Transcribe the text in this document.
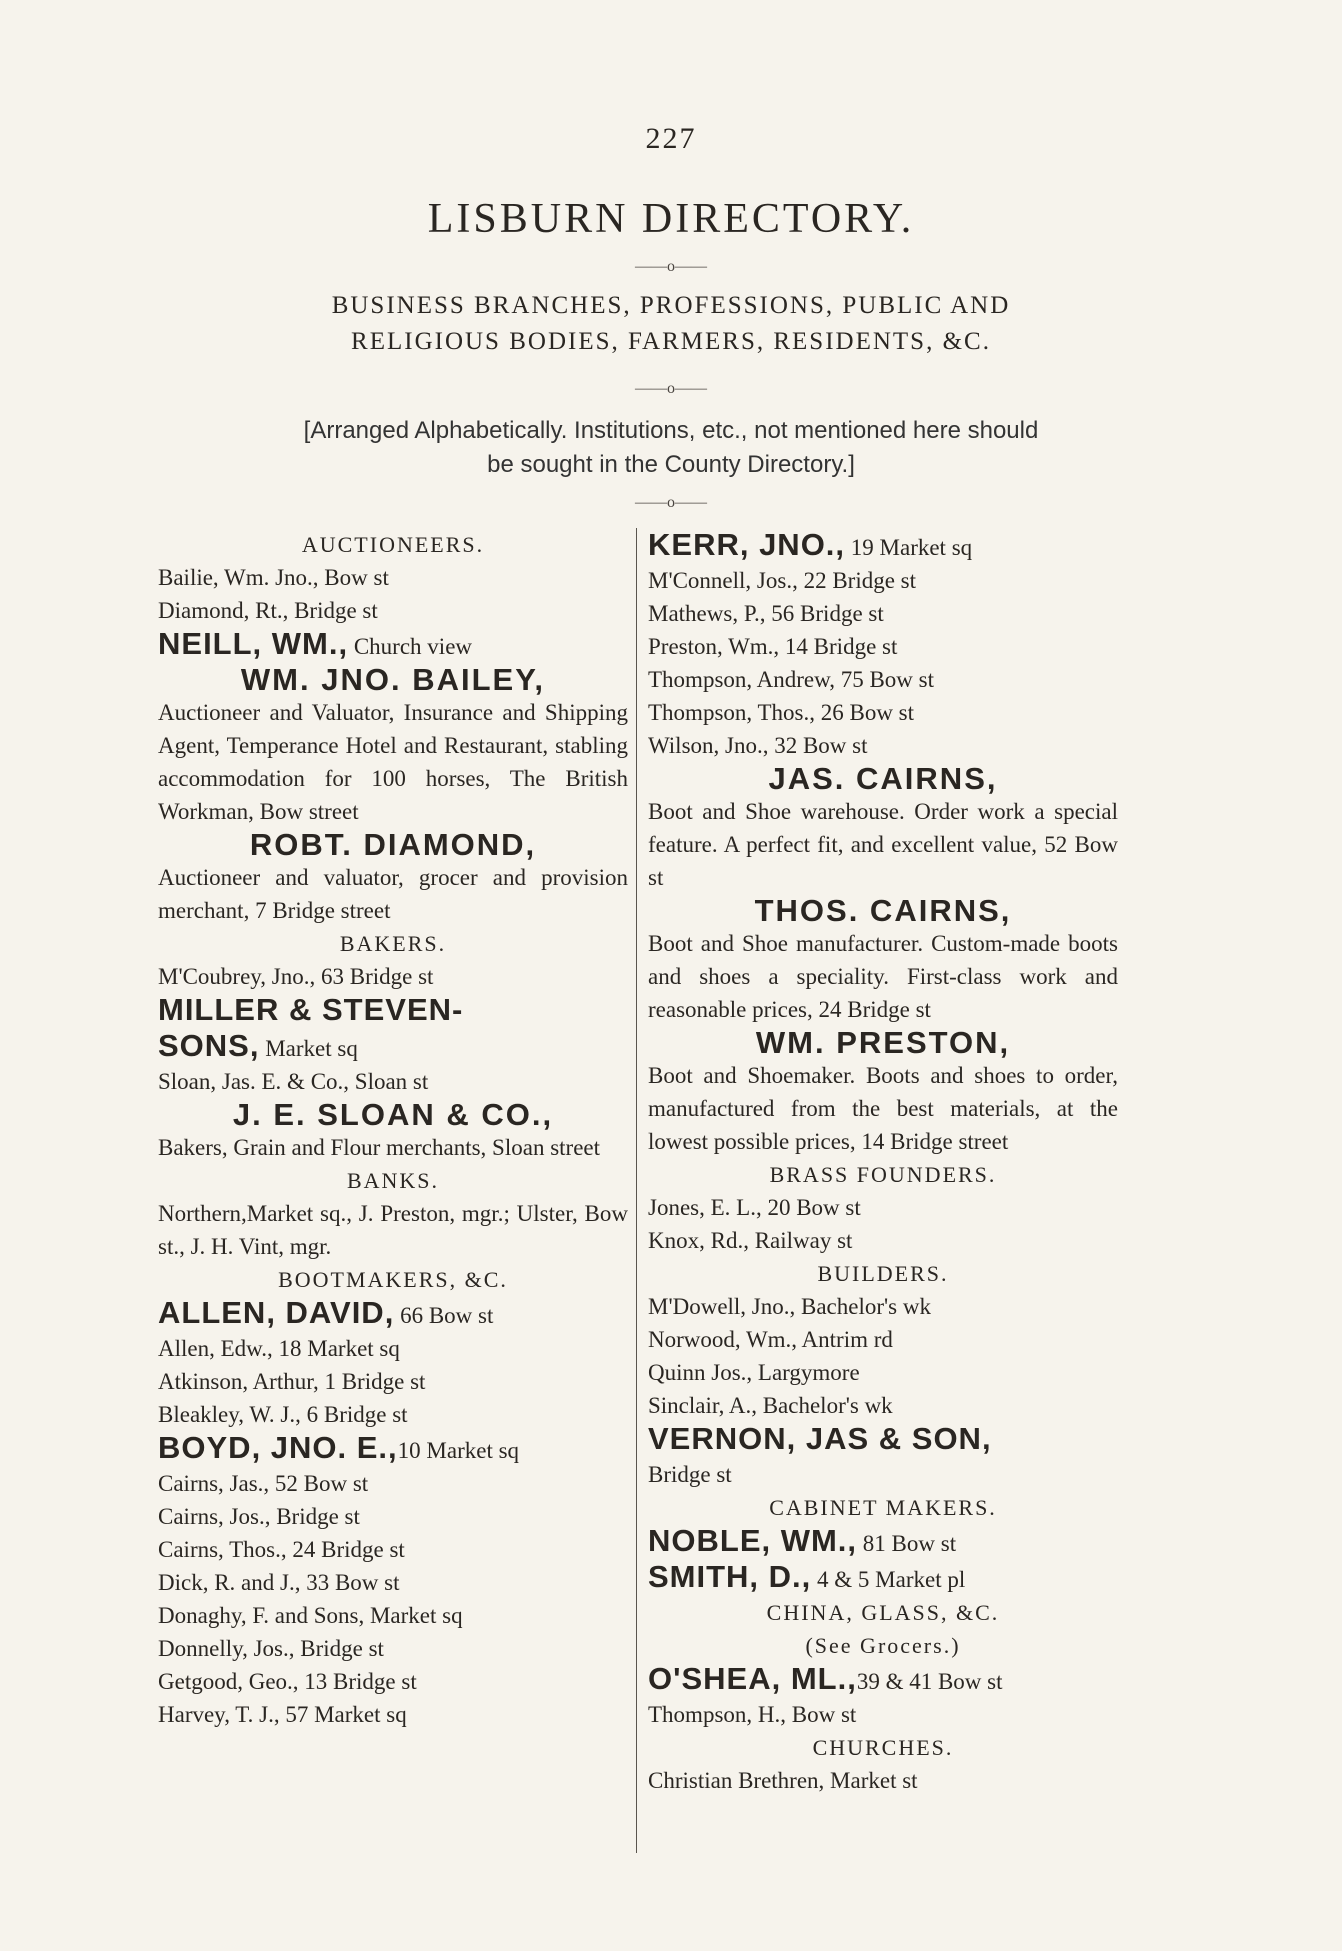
227
LISBURN DIRECTORY.
——o——
BUSINESS BRANCHES, PROFESSIONS, PUBLIC AND
RELIGIOUS BODIES, FARMERS, RESIDENTS, &C.
——o——
[Arranged Alphabetically. Institutions, etc., not mentioned here should
be sought in the County Directory.]
——o——
AUCTIONEERS.
Bailie, Wm. Jno., Bow st
Diamond, Rt., Bridge st
NEILL, WM., Church view
WM. JNO. BAILEY,
Auctioneer and Valuator, Insurance and Shipping Agent, Temperance Hotel and Restaurant, stabling accommodation for 100 horses, The British Workman, Bow street
ROBT. DIAMOND,
Auctioneer and valuator, grocer and provision merchant, 7 Bridge street
BAKERS.
M'Coubrey, Jno., 63 Bridge st
MILLER & STEVEN-
SONS, Market sq
Sloan, Jas. E. & Co., Sloan st
J. E. SLOAN & CO.,
Bakers, Grain and Flour merchants, Sloan street
BANKS.
Northern,Market sq., J. Preston, mgr.; Ulster, Bow st., J. H. Vint, mgr.
BOOTMAKERS, &C.
ALLEN, DAVID, 66 Bow st
Allen, Edw., 18 Market sq
Atkinson, Arthur, 1 Bridge st
Bleakley, W. J., 6 Bridge st
BOYD, JNO. E.,10 Market sq
Cairns, Jas., 52 Bow st
Cairns, Jos., Bridge st
Cairns, Thos., 24 Bridge st
Dick, R. and J., 33 Bow st
Donaghy, F. and Sons, Market sq
Donnelly, Jos., Bridge st
Getgood, Geo., 13 Bridge st
Harvey, T. J., 57 Market sq
KERR, JNO., 19 Market sq
M'Connell, Jos., 22 Bridge st
Mathews, P., 56 Bridge st
Preston, Wm., 14 Bridge st
Thompson, Andrew, 75 Bow st
Thompson, Thos., 26 Bow st
Wilson, Jno., 32 Bow st
JAS. CAIRNS,
Boot and Shoe warehouse. Order work a special feature. A perfect fit, and excellent value, 52 Bow st
THOS. CAIRNS,
Boot and Shoe manufacturer. Custom-made boots and shoes a speciality. First-class work and reasonable prices, 24 Bridge st
WM. PRESTON,
Boot and Shoemaker. Boots and shoes to order, manufactured from the best materials, at the lowest possible prices, 14 Bridge street
BRASS FOUNDERS.
Jones, E. L., 20 Bow st
Knox, Rd., Railway st
BUILDERS.
M'Dowell, Jno., Bachelor's wk
Norwood, Wm., Antrim rd
Quinn Jos., Largymore
Sinclair, A., Bachelor's wk
VERNON, JAS & SON,
Bridge st
CABINET MAKERS.
NOBLE, WM., 81 Bow st
SMITH, D., 4 & 5 Market pl
CHINA, GLASS, &C.
(See Grocers.)
O'SHEA, ML.,39 & 41 Bow st
Thompson, H., Bow st
CHURCHES.
Christian Brethren, Market st
